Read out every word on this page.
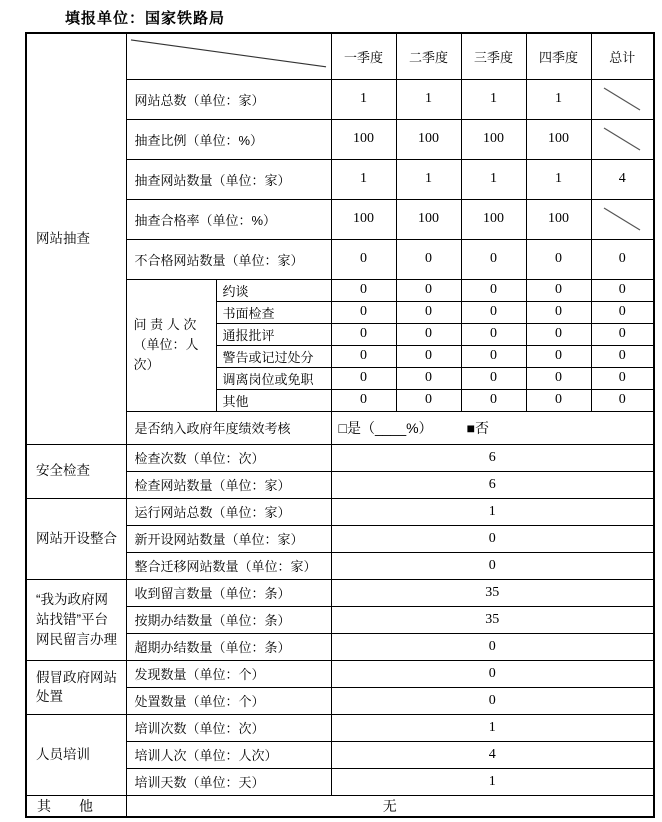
填报单位：国家铁路局
网站抽查			一季度	二季度	三季度	四季度	总计
	网站总数（单位：家）		1	1	1	1	
	抽查比例（单位：%）		100	100	100	100	
	抽查网站数量（单位：家）		1	1	1	1	4
	抽查合格率（单位：%）		100	100	100	100	
	不合格网站数量（单位：家）		0	0	0	0	0
	问 责 人 次（单位：人次）	约谈	0	0	0	0	0
		书面检查	0	0	0	0	0
		通报批评	0	0	0	0	0
		警告或记过处分	0	0	0	0	0
		调离岗位或免职	0	0	0	0	0
		其他	0	0	0	0	0
	是否纳入政府年度绩效考核		□是（____%） ■否				
安全检查	检查次数（单位：次）		6				
	检查网站数量（单位：家）		6				
网站开设整合	运行网站总数（单位：家）		1				
	新开设网站数量（单位：家）		0				
	整合迁移网站数量（单位：家）		0				
“我为政府网站找错”平台网民留言办理	收到留言数量（单位：条）		35				
	按期办结数量（单位：条）		35				
	超期办结数量（单位：条）		0				
假冒政府网站处置	发现数量（单位：个）		0				
	处置数量（单位：个）		0				
人员培训	培训次数（单位：次）		1				
	培训人次（单位：人次）		4				
	培训天数（单位：天）		1				
其　　他	无						
